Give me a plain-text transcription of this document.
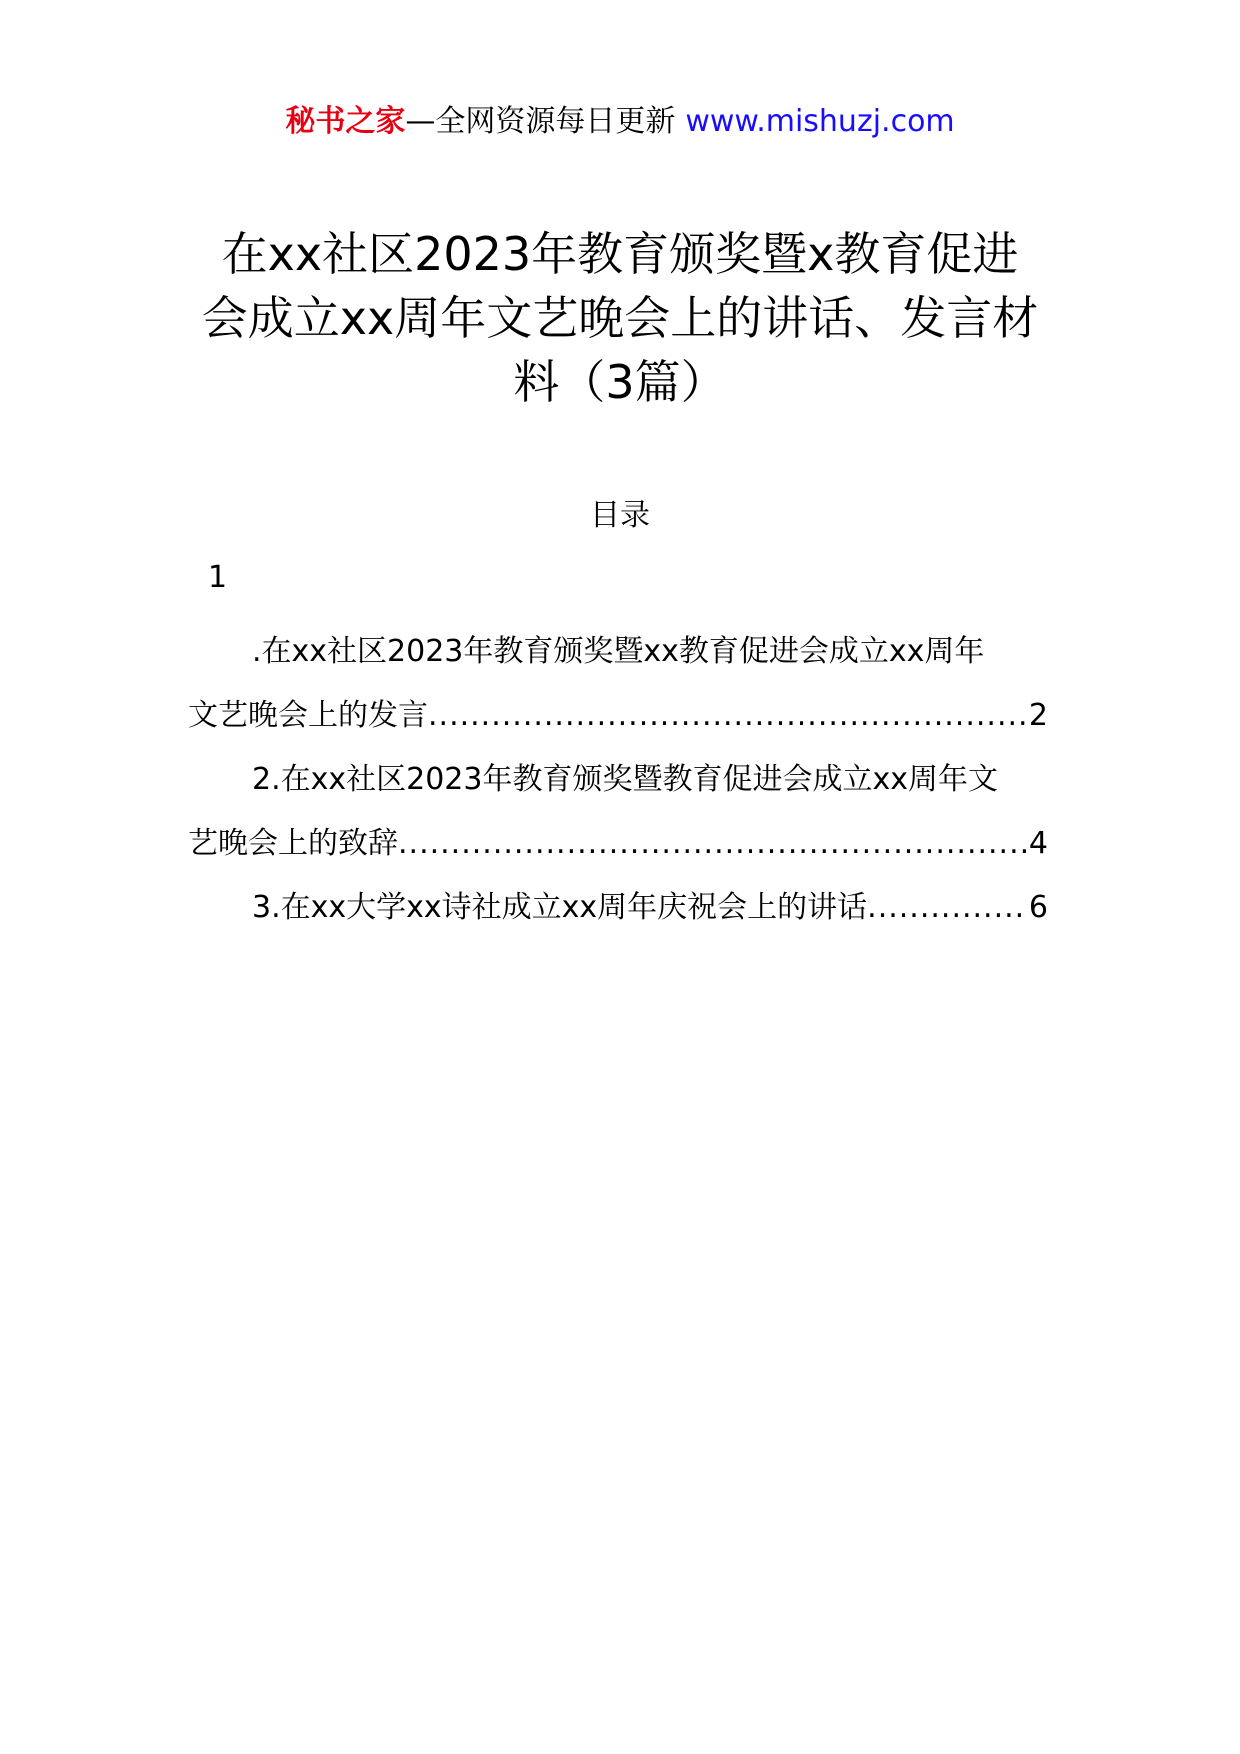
秘书之家—全网资源每日更新 www.mishuzj.com
在xx社区2023年教育颁奖暨x教育促进
会成立xx周年文艺晚会上的讲话、发言材
料（3篇）
目录
1
.在xx社区2023年教育颁奖暨xx教育促进会成立xx周年
文艺晚会上的发言 .....	2
2.在xx社区2023年教育颁奖暨教育促进会成立xx周年文
艺晚会上的致辞 .....	4
3.在xx大学xx诗社成立xx周年庆祝会上的讲话 .....	6
